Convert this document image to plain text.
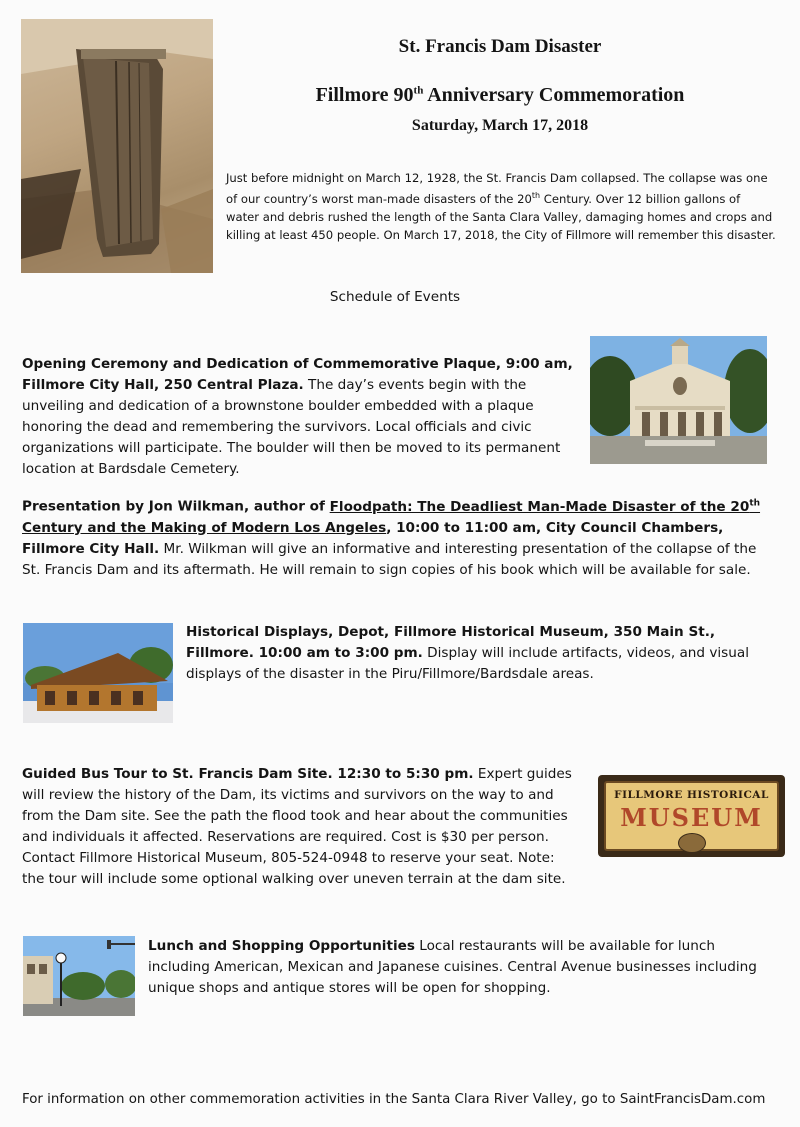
St. Francis Dam Disaster
Fillmore 90th Anniversary Commemoration
Saturday, March 17, 2018

Just before midnight on March 12, 1928, the St. Francis Dam collapsed. The collapse was one of our country’s worst man-made disasters of the 20th Century. Over 12 billion gallons of water and debris rushed the length of the Santa Clara Valley, damaging homes and crops and killing at least 450 people. On March 17, 2018, the City of Fillmore will remember this disaster.

Schedule of Events

Opening Ceremony and Dedication of Commemorative Plaque, 9:00 am, Fillmore City Hall, 250 Central Plaza. The day’s events begin with the unveiling and dedication of a brownstone boulder embedded with a plaque honoring the dead and remembering the survivors. Local officials and civic organizations will participate. The boulder will then be moved to its permanent location at Bardsdale Cemetery.

Presentation by Jon Wilkman, author of Floodpath: The Deadliest Man-Made Disaster of the 20th Century and the Making of Modern Los Angeles, 10:00 to 11:00 am, City Council Chambers, Fillmore City Hall. Mr. Wilkman will give an informative and interesting presentation of the collapse of the St. Francis Dam and its aftermath. He will remain to sign copies of his book which will be available for sale.

Historical Displays, Depot, Fillmore Historical Museum, 350 Main St., Fillmore. 10:00 am to 3:00 pm. Display will include artifacts, videos, and visual displays of the disaster in the Piru/Fillmore/Bardsdale areas.

Guided Bus Tour to St. Francis Dam Site. 12:30 to 5:30 pm. Expert guides will review the history of the Dam, its victims and survivors on the way to and from the Dam site. See the path the flood took and hear about the communities and individuals it affected. Reservations are required. Cost is $30 per person. Contact Fillmore Historical Museum, 805-524-0948 to reserve your seat. Note: the tour will include some optional walking over uneven terrain at the dam site.

FILLMORE HISTORICAL
MUSEUM

Lunch and Shopping Opportunities Local restaurants will be available for lunch including American, Mexican and Japanese cuisines. Central Avenue businesses including unique shops and antique stores will be open for shopping.

For information on other commemoration activities in the Santa Clara River Valley, go to SaintFrancisDam.com
